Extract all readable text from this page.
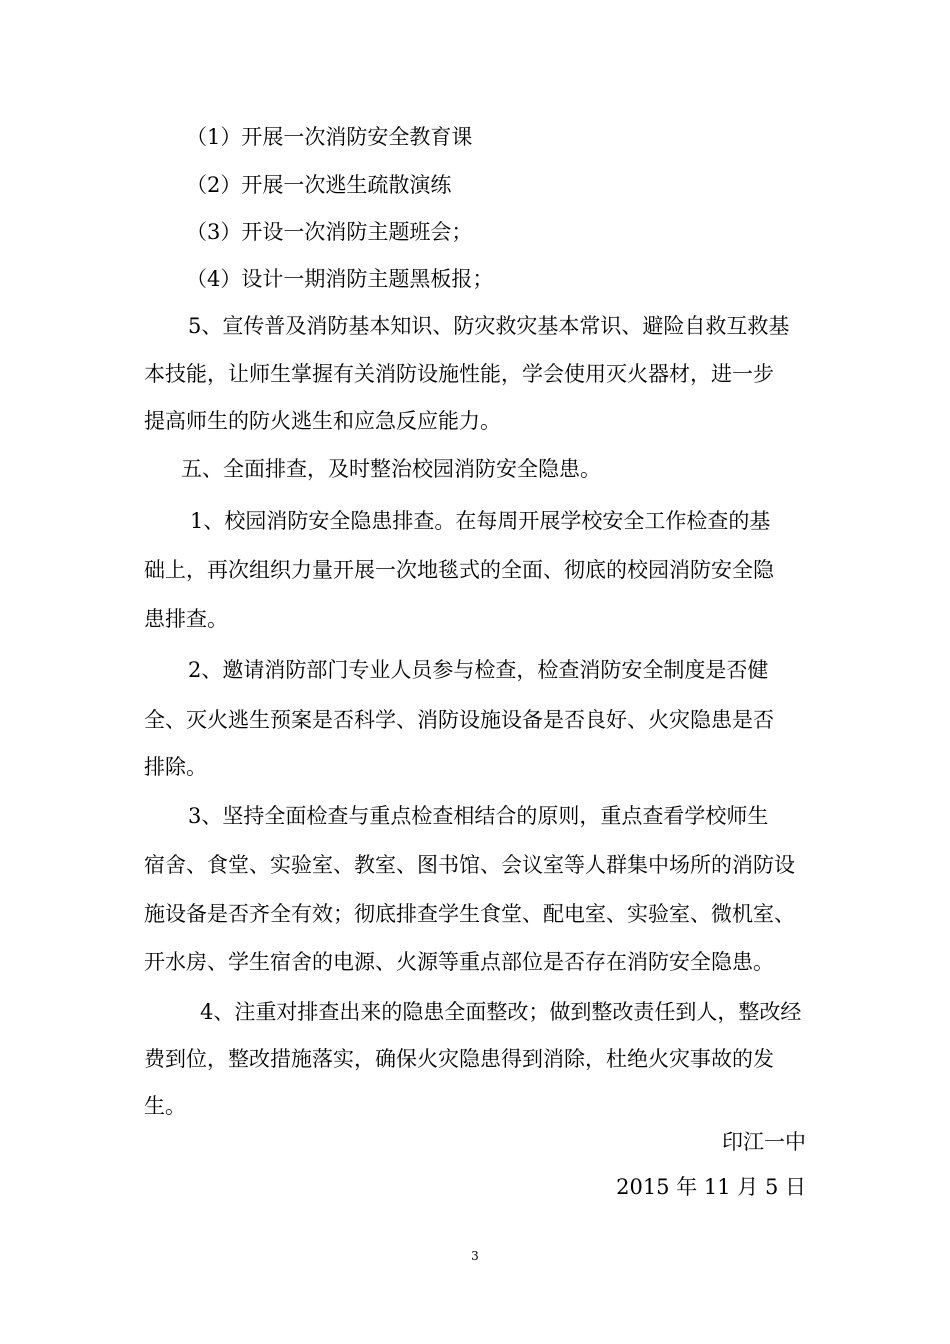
（1）开展一次消防安全教育课
（2）开展一次逃生疏散演练
（3）开设一次消防主题班会；
（4）设计一期消防主题黑板报；
5、宣传普及消防基本知识、防灾救灾基本常识、避险自救互救基
本技能，让师生掌握有关消防设施性能，学会使用灭火器材，进一步
提高师生的防火逃生和应急反应能力。
五、全面排查，及时整治校园消防安全隐患。
1、校园消防安全隐患排查。在每周开展学校安全工作检查的基
础上，再次组织力量开展一次地毯式的全面、彻底的校园消防安全隐
患排查。
2、邀请消防部门专业人员参与检查，检查消防安全制度是否健
全、灭火逃生预案是否科学、消防设施设备是否良好、火灾隐患是否
排除。
3、坚持全面检查与重点检查相结合的原则，重点查看学校师生
宿舍、食堂、实验室、教室、图书馆、会议室等人群集中场所的消防设
施设备是否齐全有效；彻底排查学生食堂、配电室、实验室、微机室、
开水房、学生宿舍的电源、火源等重点部位是否存在消防安全隐患。
4、注重对排查出来的隐患全面整改；做到整改责任到人，整改经
费到位，整改措施落实，确保火灾隐患得到消除，杜绝火灾事故的发
生。
印江一中
2015 年 11 月 5 日
3
